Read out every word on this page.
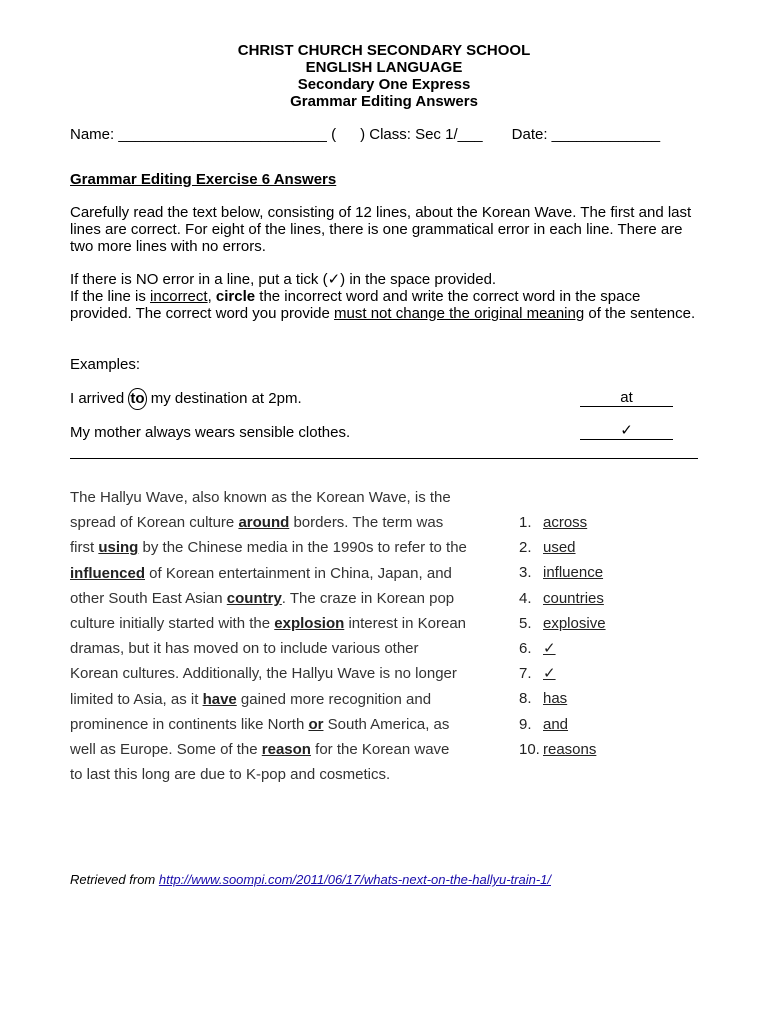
CHRIST CHURCH SECONDARY SCHOOL
ENGLISH LANGUAGE
Secondary One Express
Grammar Editing Answers
Name: _________________________ ( ) Class: Sec 1/___ Date: _____________
Grammar Editing Exercise 6 Answers
Carefully read the text below, consisting of 12 lines, about the Korean Wave. The first and last lines are correct. For eight of the lines, there is one grammatical error in each line. There are two more lines with no errors.
If there is NO error in a line, put a tick (✓) in the space provided.
If the line is incorrect, circle the incorrect word and write the correct word in the space provided. The correct word you provide must not change the original meaning of the sentence.
Examples:
I arrived to my destination at 2pm.	at
My mother always wears sensible clothes.	✓
The Hallyu Wave, also known as the Korean Wave, is the
spread of Korean culture around borders. The term was
first using by the Chinese media in the 1990s to refer to the
influenced of Korean entertainment in China, Japan, and
other South East Asian country. The craze in Korean pop
culture initially started with the explosion interest in Korean
dramas, but it has moved on to include various other
Korean cultures. Additionally, the Hallyu Wave is no longer
limited to Asia, as it have gained more recognition and
prominence in continents like North or South America, as
well as Europe. Some of the reason for the Korean wave
to last this long are due to K-pop and cosmetics.
1. across
2. used
3. influence
4. countries
5. explosive
6. ✓
7. ✓
8. has
9. and
10. reasons
Retrieved from http://www.soompi.com/2011/06/17/whats-next-on-the-hallyu-train-1/
